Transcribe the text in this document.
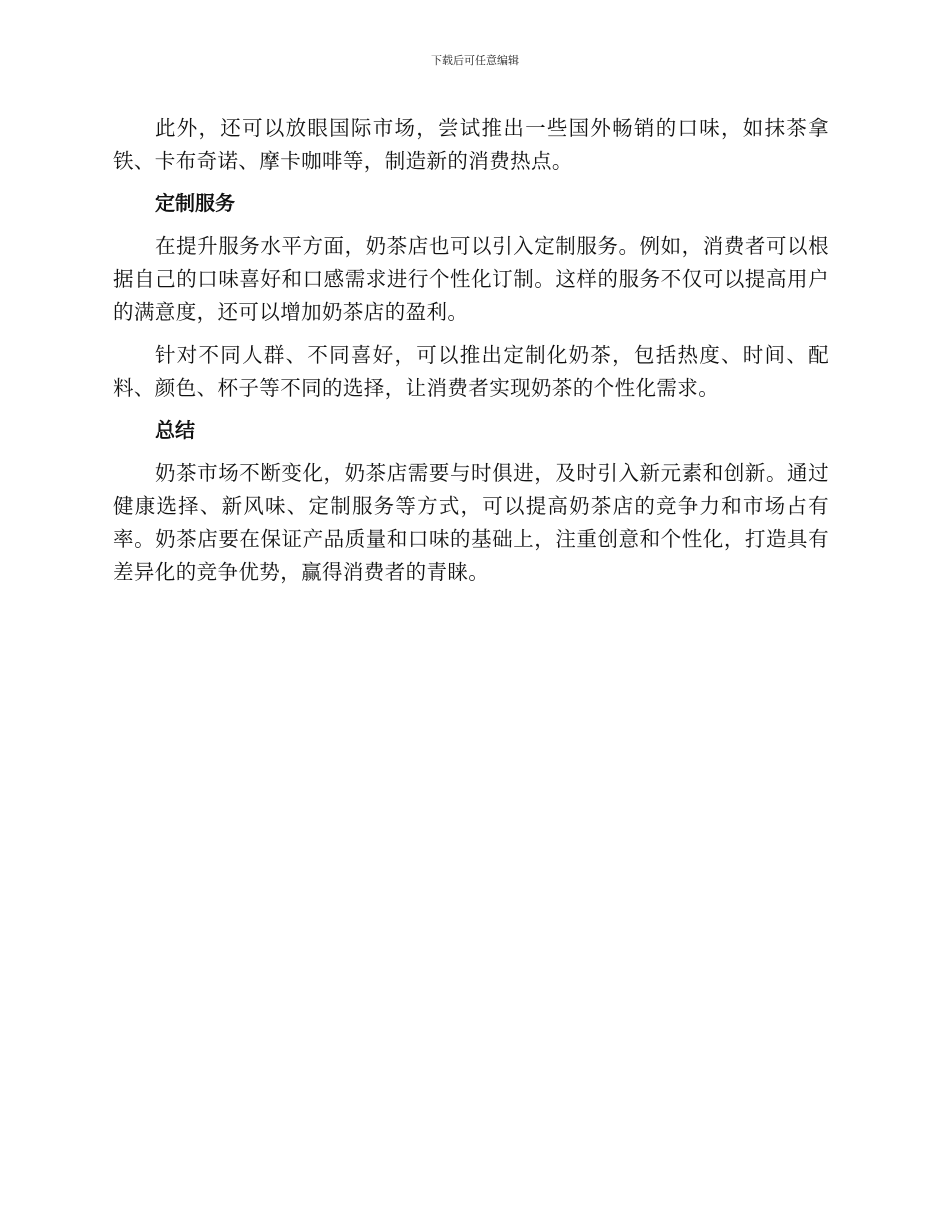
下载后可任意编辑

此外，还可以放眼国际市场，尝试推出一些国外畅销的口味，如抹茶拿铁、卡布奇诺、摩卡咖啡等，制造新的消费热点。

定制服务

在提升服务水平方面，奶茶店也可以引入定制服务。例如，消费者可以根据自己的口味喜好和口感需求进行个性化订制。这样的服务不仅可以提高用户的满意度，还可以增加奶茶店的盈利。

针对不同人群、不同喜好，可以推出定制化奶茶，包括热度、时间、配料、颜色、杯子等不同的选择，让消费者实现奶茶的个性化需求。

总结

奶茶市场不断变化，奶茶店需要与时俱进，及时引入新元素和创新。通过健康选择、新风味、定制服务等方式，可以提高奶茶店的竞争力和市场占有率。奶茶店要在保证产品质量和口味的基础上，注重创意和个性化，打造具有差异化的竞争优势，赢得消费者的青睐。
